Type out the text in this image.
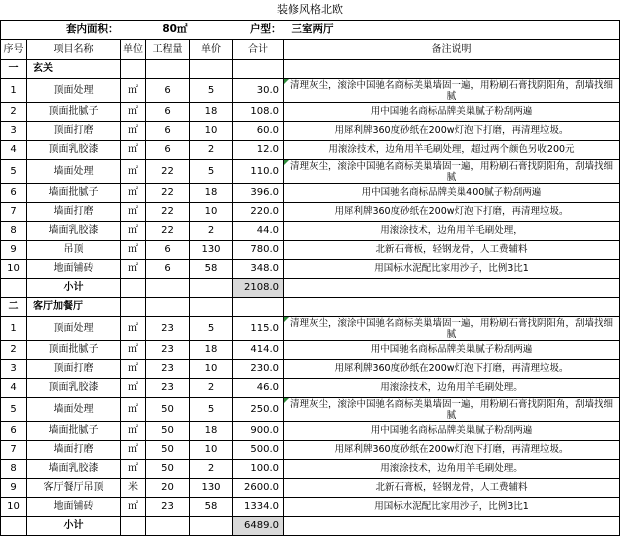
装修风格北欧						
套内面积：		80㎡		户型：		三室两厅
序号	项目名称	单位	工程量	单价	合计	备注说明
一	玄关					
1	顶面处理	㎡	6	5	30.0	清理灰尘，滚涂中国驰名商标美巢墙固一遍，用粉刷石膏找阴阳角，刮墙找细腻

2	顶面批腻子	㎡	6	18	108.0	用中国驰名商标品牌美巢腻子粉刮两遍
3	顶面打磨	㎡	6	10	60.0	用犀利牌360度砂纸在200w灯泡下打磨，再清理垃圾。
4	顶面乳胶漆	㎡	6	2	12.0	用滚涂技术，边角用羊毛刷处理，超过两个颜色另收200元
5	墙面处理	㎡	22	5	110.0	清理灰尘，滚涂中国驰名商标美巢墙固一遍，用粉刷石膏找阴阳角，刮墙找细腻

6	墙面批腻子	㎡	22	18	396.0	用中国驰名商标品牌美巢400腻子粉刮两遍
7	墙面打磨	㎡	22	10	220.0	用犀利牌360度砂纸在200w灯泡下打磨，再清理垃圾。
8	墙面乳胶漆	㎡	22	2	44.0	用滚涂技术，边角用羊毛刷处理，
9	吊顶	㎡	6	130	780.0	北新石膏板，轻钢龙骨，人工费辅料
10	地面铺砖	㎡	6	58	348.0	用国标水泥配比家用沙子，比例3比1
	小计				2108.0	
二	客厅加餐厅					
1	顶面处理	㎡	23	5	115.0	清理灰尘，滚涂中国驰名商标美巢墙固一遍，用粉刷石膏找阴阳角，刮墙找细腻

2	顶面批腻子	㎡	23	18	414.0	用中国驰名商标品牌美巢腻子粉刮两遍
3	顶面打磨	㎡	23	10	230.0	用犀利牌360度砂纸在200w灯泡下打磨，再清理垃圾。
4	顶面乳胶漆	㎡	23	2	46.0	用滚涂技术，边角用羊毛刷处理。
5	墙面处理	㎡	50	5	250.0	清理灰尘，滚涂中国驰名商标美巢墙固一遍，用粉刷石膏找阴阳角，刮墙找细腻

6	墙面批腻子	㎡	50	18	900.0	用中国驰名商标品牌美巢腻子粉刮两遍
7	墙面打磨	㎡	50	10	500.0	用犀利牌360度砂纸在200w灯泡下打磨，再清理垃圾。
8	墙面乳胶漆	㎡	50	2	100.0	用滚涂技术，边角用羊毛刷处理。
9	客厅餐厅吊顶	米	20	130	2600.0	北新石膏板，轻钢龙骨，人工费辅料
10	地面铺砖	㎡	23	58	1334.0	用国标水泥配比家用沙子，比例3比1
	小计				6489.0	
